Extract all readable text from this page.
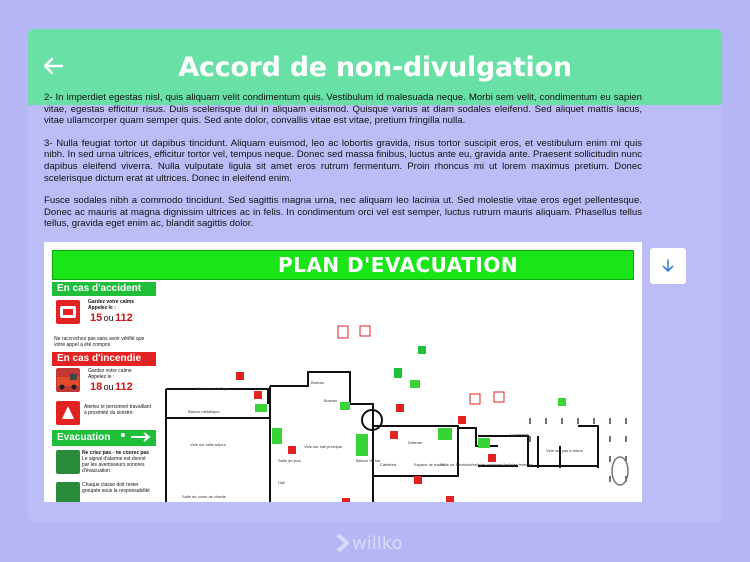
Accord de non-divulgation

2- In imperdiet egestas nisl, quis aliquam velit condimentum quis. Vestibulum id malesuada neque. Morbi sem velit, condimentum eu sapien vitae, egestas efficitur risus. Duis scelerisque dui in aliquam euismod. Quisque varius at diam sodales eleifend. Sed aliquet mattis lacus, vitae ullamcorper quam semper quis. Sed ante dolor, convallis vitae est vitae, pretium fringilla nulla.

3- Nulla feugiat tortor ut dapibus tincidunt. Aliquam euismod, leo ac lobortis gravida, risus tortor suscipit eros, et vestibulum enim mi quis nibh. In sed urna ultrices, efficitur tortor vel, tempus neque. Donec sed massa finibus, luctus ante eu, gravida ante. Praesent sollicitudin nunc dapibus eleifend viverra. Nulla vulputate ligula sit amet eros rutrum fermentum. Proin rhoncus mi ut lorem maximus pretium. Donec scelerisque dictum erat at ultrices. Donec in eleifend enim.

Fusce sodales nibh a commodo tincidunt. Sed sagittis magna urna, nec aliquam leo lacinia ut. Sed molestie vitae eros eget pellentesque. Donec ac mauris at magna dignissim ultrices ac in felis. In condimentum orci vel est semper, luctus rutrum mauris aliquam. Phasellus tellus tellus, gravida eget enim ac, blandit sagittis dolor.

PLAN D'EVACUATION
En cas d'accident
Gardez votre calme
Appelez le :
15 ou 112
Ne raccrochez pas sans avoir vérifié que votre appel a été compris
En cas d'incendie
Gardez votre calme
Appelez le :
18 ou 112
Alertez le personnel travaillant à proximité du sinistre
Evacuation
Ne criez pas - ne courez pas
Le signal d'alarme est donné par les avertisseurs sonores d'évacuation
Chaque classe doit rester
groupée sous la responsabilité
Vide sur métallique
Balcon métallique
Bureau
Bureau
Vide sur salle séjour
Salle de jeux
Vide sur hall principal
Salle de cours de chants
Détente
Logement
Cafétéria	Espace de travail
Salle de Réunion Vestiaire hommes Vestiaire femmes
Vide sur pas a rebus
Balcon du bar
Hall
willko
